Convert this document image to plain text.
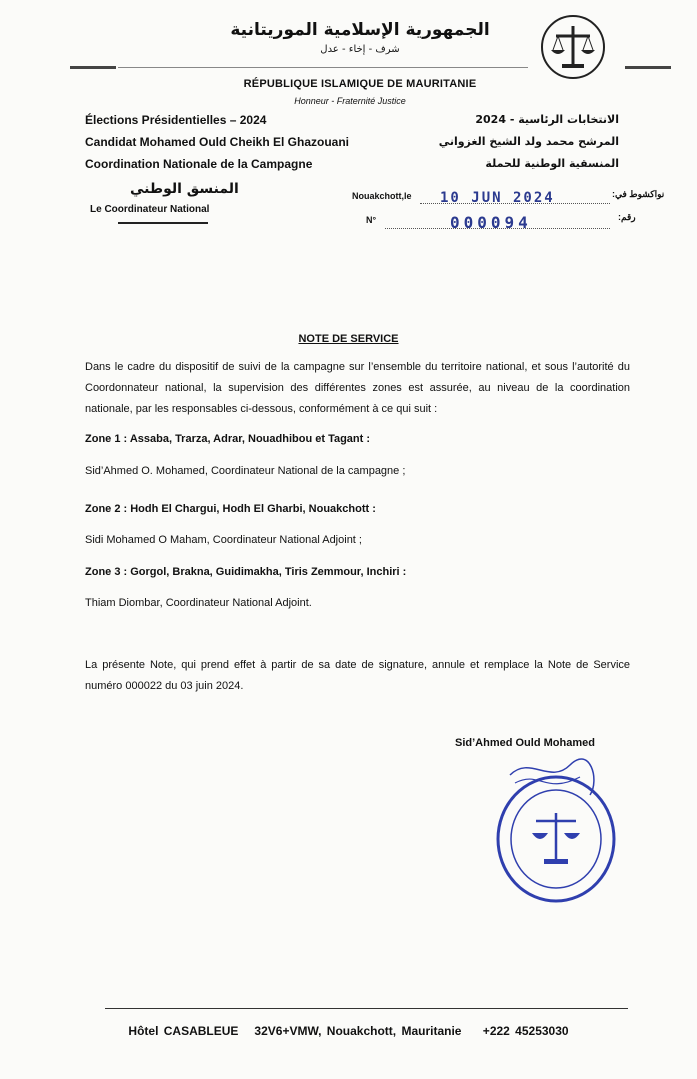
الجمهورية الإسلامية الموريتانية
شرف - إخاء - عدل
RÉPUBLIQUE ISLAMIQUE DE MAURITANIE
Honneur - Fraternité Justice
Élections Présidentielles – 2024
Candidat Mohamed Ould Cheikh El Ghazouani
Coordination Nationale de la Campagne
الانتخابات الرئاسية - 2024
المرشح محمد ولد الشيخ الغزواني
المنسقية الوطنية للحملة
المنسق الوطني
Le Coordinateur National
Nouakchott,le 10 JUN 2024	نواكشوط في:
N°	000094	رقم:
NOTE DE SERVICE
Dans le cadre du dispositif de suivi de la campagne sur l’ensemble du territoire national, et sous l’autorité du Coordonnateur national, la supervision des différentes zones est assurée, au niveau de la coordination nationale, par les responsables ci-dessous, conformément à ce qui suit :
Zone 1 : Assaba, Trarza, Adrar, Nouadhibou et Tagant :
Sid’Ahmed O. Mohamed, Coordinateur National de la campagne ;
Zone 2 : Hodh El Chargui, Hodh El Gharbi, Nouakchott :
Sidi Mohamed O Maham, Coordinateur National Adjoint ;
Zone 3 : Gorgol, Brakna, Guidimakha, Tiris Zemmour, Inchiri :
Thiam Diombar, Coordinateur National Adjoint.
La présente Note, qui prend effet à partir de sa date de signature, annule et remplace la Note de Service numéro 000022 du 03 juin 2024.
Sid’Ahmed Ould Mohamed
Hôtel CASABLEUE   32V6+VMW, Nouakchott, Mauritanie    +222 45253030
